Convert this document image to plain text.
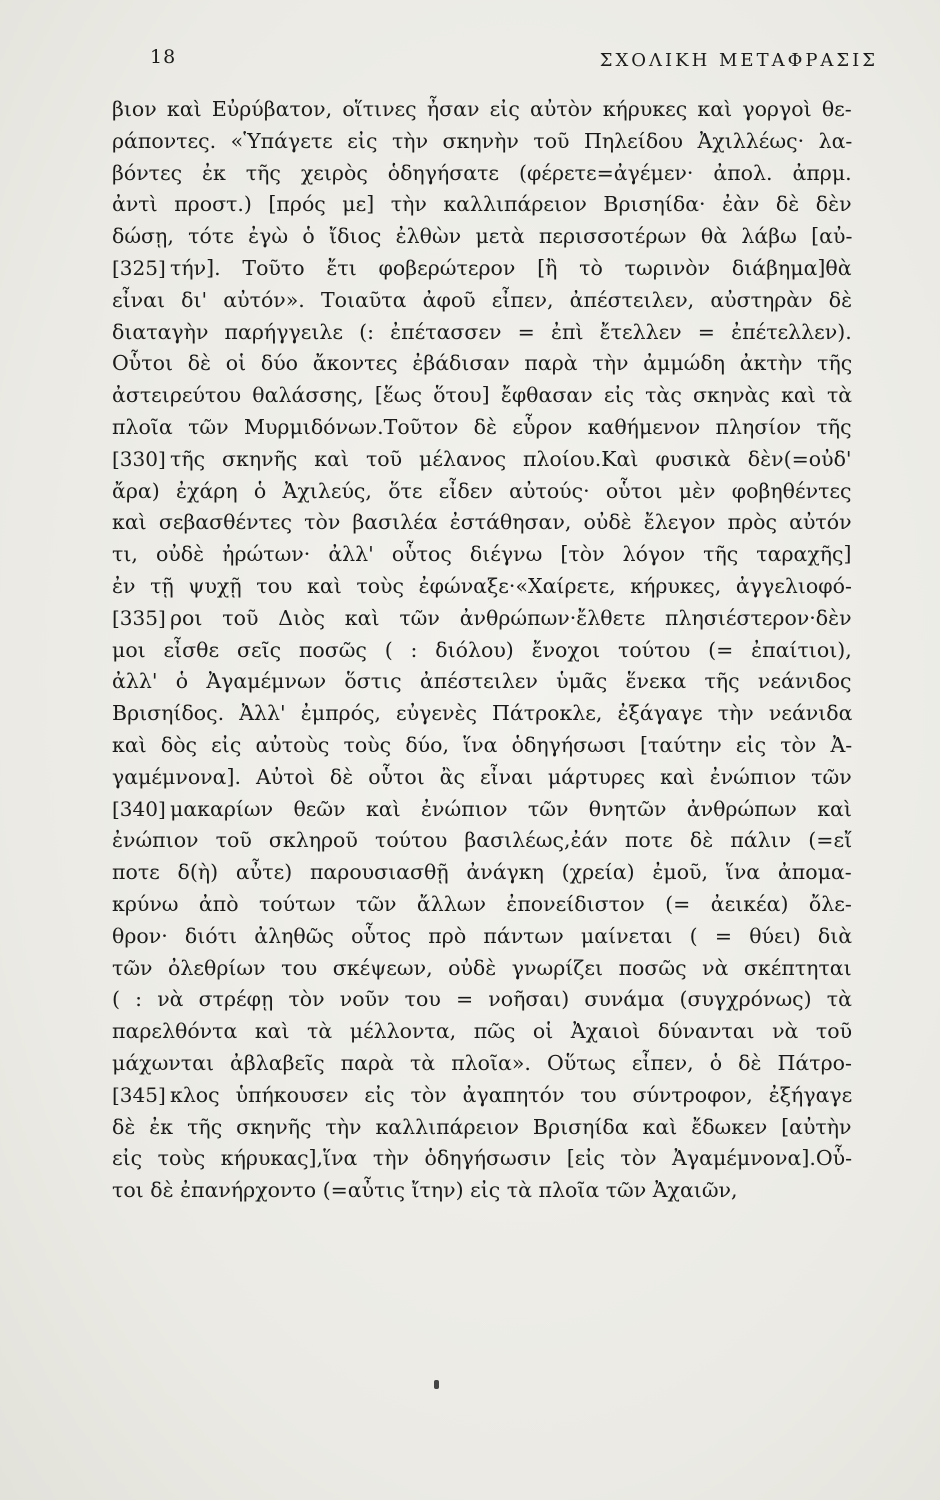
18	ΣΧΟΛΙΚΗ ΜΕΤΑΦΡΑΣΙΣ
βιον καὶ Εὐρύβατον, οἵτινες ἦσαν εἰς αὐτὸν κήρυκες καὶ γοργοὶ θε-
ράποντες. «Ὑπάγετε εἰς τὴν σκηνὴν τοῦ Πηλείδου Ἀχιλλέως· λα-
βόντες ἐκ τῆς χειρὸς ὁδηγήσατε (φέρετε=ἀγέμεν· ἀπολ. ἀπρμ.
ἀντὶ προστ.) [πρός με] τὴν καλλιπάρειον Βρισηίδα· ἐὰν δὲ δὲν
δώσῃ, τότε ἐγὼ ὁ ἴδιος ἐλθὼν μετὰ περισσοτέρων θὰ λάβω [αὐ-
[325] τήν]. Τοῦτο ἔτι φοβερώτερον [ἢ τὸ τωρινὸν διάβημα]θὰ
εἶναι δι' αὐτόν». Τοιαῦτα ἀφοῦ εἶπεν, ἀπέστειλεν, αὐστηρὰν δὲ
διαταγὴν παρήγγειλε (: ἐπέτασσεν = ἐπὶ ἔτελλεν = ἐπέτελλεν).
Οὗτοι δὲ οἱ δύο ἄκοντες ἐβάδισαν παρὰ τὴν ἀμμώδη ἀκτὴν τῆς
ἀστειρεύτου θαλάσσης, [ἕως ὅτου] ἔφθασαν εἰς τὰς σκηνὰς καὶ τὰ
πλοῖα τῶν Μυρμιδόνων.Τοῦτον δὲ εὗρον καθήμενον πλησίον τῆς
[330] τῆς σκηνῆς καὶ τοῦ μέλανος πλοίου.Καὶ φυσικὰ δὲν(=οὐδ'
ἄρα) ἐχάρη ὁ Ἀχιλεύς, ὅτε εἶδεν αὐτούς· οὗτοι μὲν φοβηθέντες
καὶ σεβασθέντες τὸν βασιλέα ἐστάθησαν, οὐδὲ ἔλεγον πρὸς αὐτόν
τι, οὐδὲ ἠρώτων· ἀλλ' οὗτος διέγνω [τὸν λόγον τῆς ταραχῆς]
ἐν τῇ ψυχῇ του καὶ τοὺς ἐφώναξε·«Χαίρετε, κήρυκες, ἀγγελιοφό-
[335] ροι τοῦ Διὸς καὶ τῶν ἀνθρώπων·ἔλθετε πλησιέστερον·δὲν
μοι εἶσθε σεῖς ποσῶς ( : διόλου) ἔνοχοι τούτου (= ἐπαίτιοι),
ἀλλ' ὁ Ἀγαμέμνων ὅστις ἀπέστειλεν ὑμᾶς ἕνεκα τῆς νεάνιδος
Βρισηίδος. Ἀλλ' ἐμπρός, εὐγενὲς Πάτροκλε, ἐξάγαγε τὴν νεάνιδα
καὶ δὸς εἰς αὐτοὺς τοὺς δύο, ἵνα ὁδηγήσωσι [ταύτην εἰς τὸν Ἀ-
γαμέμνονα]. Αὐτοὶ δὲ οὗτοι ἂς εἶναι μάρτυρες καὶ ἐνώπιον τῶν
[340] μακαρίων θεῶν καὶ ἐνώπιον τῶν θνητῶν ἀνθρώπων καὶ
ἐνώπιον τοῦ σκληροῦ τούτου βασιλέως,ἐάν ποτε δὲ πάλιν (=εἴ
ποτε δ(ὴ) αὖτε) παρουσιασθῇ ἀνάγκη (χρεία) ἐμοῦ, ἵνα ἀπομα-
κρύνω ἀπὸ τούτων τῶν ἄλλων ἐπονείδιστον (= ἀεικέα) ὄλε-
θρον· διότι ἀληθῶς οὗτος πρὸ πάντων μαίνεται ( = θύει) διὰ
τῶν ὀλεθρίων του σκέψεων, οὐδὲ γνωρίζει ποσῶς νὰ σκέπτηται
( : νὰ στρέφῃ τὸν νοῦν του = νοῆσαι) συνάμα (συγχρόνως) τὰ
παρελθόντα καὶ τὰ μέλλοντα, πῶς οἱ Ἀχαιοὶ δύνανται νὰ τοῦ
μάχωνται ἀβλαβεῖς παρὰ τὰ πλοῖα». Οὕτως εἶπεν, ὁ δὲ Πάτρο-
[345] κλος ὑπήκουσεν εἰς τὸν ἀγαπητόν του σύντροφον, ἐξήγαγε
δὲ ἐκ τῆς σκηνῆς τὴν καλλιπάρειον Βρισηίδα καὶ ἔδωκεν [αὐτὴν
εἰς τοὺς κήρυκας],ἵνα τὴν ὁδηγήσωσιν [εἰς τὸν Ἀγαμέμνονα].Οὗ-
τοι δὲ ἐπανήρχοντο (=αὖτις ἴτην) εἰς τὰ πλοῖα τῶν Ἀχαιῶν,
